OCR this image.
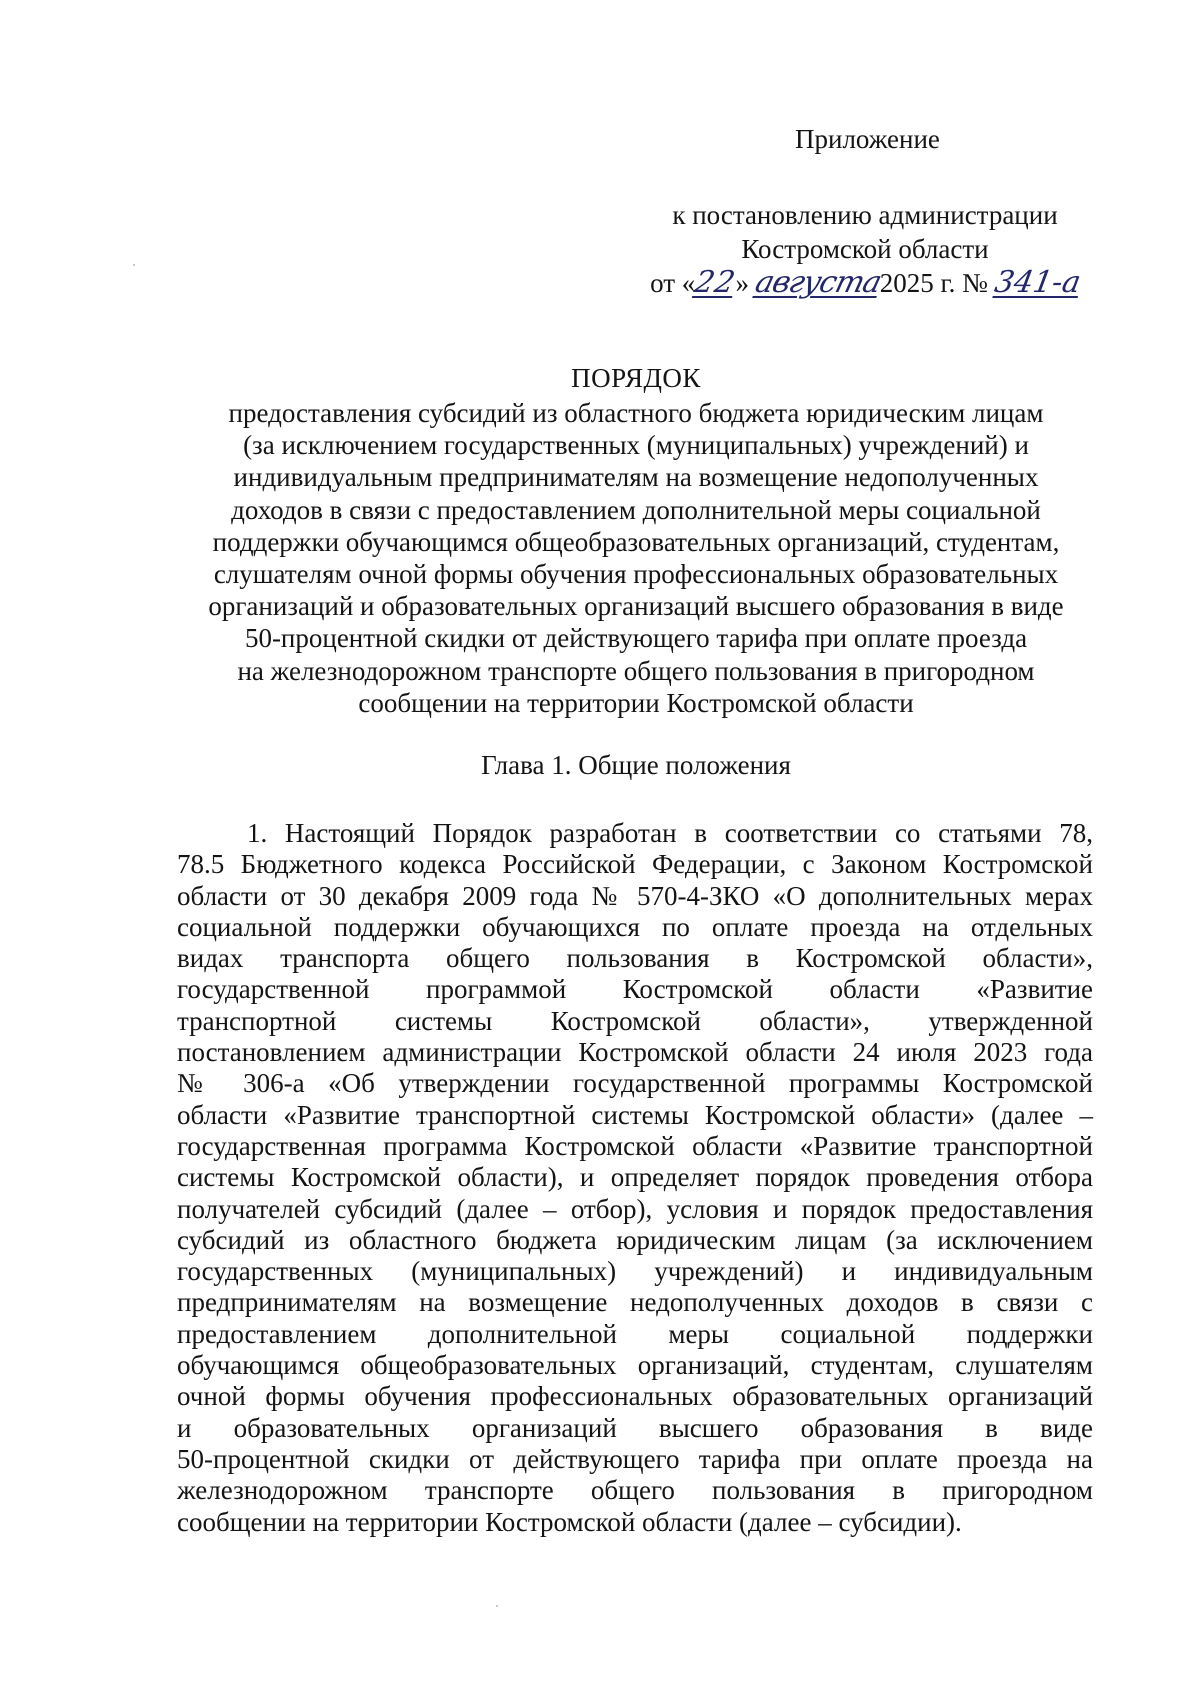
Приложение
к постановлению администрации
Костромской области
от «22» августа2025 г. № 341-а
ПОРЯДОК
предоставления субсидий из областного бюджета юридическим лицам
(за исключением государственных (муниципальных) учреждений) и
индивидуальным предпринимателям на возмещение недополученных
доходов в связи с предоставлением дополнительной меры социальной
поддержки обучающимся общеобразовательных организаций, студентам,
слушателям очной формы обучения профессиональных образовательных
организаций и образовательных организаций высшего образования в виде
50-процентной скидки от действующего тарифа при оплате проезда
на железнодорожном транспорте общего пользования в пригородном
сообщении на территории Костромской области
Глава 1. Общие положения
1. Настоящий Порядок разработан в соответствии со статьями 78,
78.5 Бюджетного кодекса Российской Федерации, с Законом Костромской
области от 30 декабря 2009 года № 570-4-ЗКО «О дополнительных мерах
социальной поддержки обучающихся по оплате проезда на отдельных
видах транспорта общего пользования в Костромской области»,
государственной программой Костромской области «Развитие
транспортной системы Костромской области», утвержденной
постановлением администрации Костромской области 24 июля 2023 года
№ 306-а «Об утверждении государственной программы Костромской
области «Развитие транспортной системы Костромской области» (далее –
государственная программа Костромской области «Развитие транспортной
системы Костромской области), и определяет порядок проведения отбора
получателей субсидий (далее – отбор), условия и порядок предоставления
субсидий из областного бюджета юридическим лицам (за исключением
государственных (муниципальных) учреждений) и индивидуальным
предпринимателям на возмещение недополученных доходов в связи с
предоставлением дополнительной меры социальной поддержки
обучающимся общеобразовательных организаций, студентам, слушателям
очной формы обучения профессиональных образовательных организаций
и образовательных организаций высшего образования в виде
50-процентной скидки от действующего тарифа при оплате проезда на
железнодорожном транспорте общего пользования в пригородном
сообщении на территории Костромской области (далее – субсидии).
